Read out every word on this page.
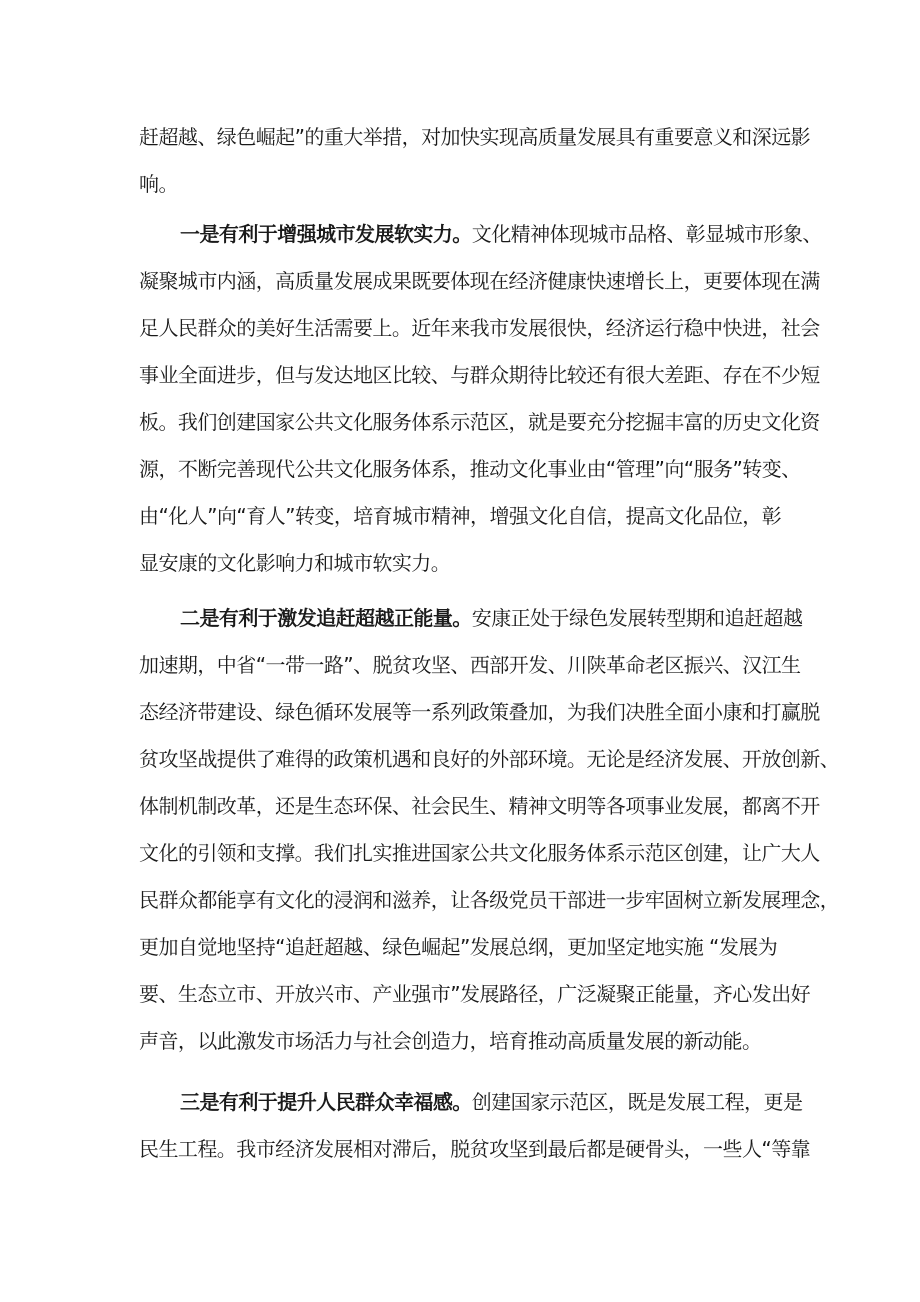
赶超越、绿色崛起”的重大举措，对加快实现高质量发展具有重要意义和深远影
响。
一是有利于增强城市发展软实力。文化精神体现城市品格、彰显城市形象、
凝聚城市内涵，高质量发展成果既要体现在经济健康快速增长上，更要体现在满
足人民群众的美好生活需要上。近年来我市发展很快，经济运行稳中快进，社会
事业全面进步，但与发达地区比较、与群众期待比较还有很大差距、存在不少短
板。我们创建国家公共文化服务体系示范区，就是要充分挖掘丰富的历史文化资
源，不断完善现代公共文化服务体系，推动文化事业由“管理”向“服务”转变、
由“化人”向“育人”转变，培育城市精神，增强文化自信，提高文化品位，彰
显安康的文化影响力和城市软实力。
二是有利于激发追赶超越正能量。安康正处于绿色发展转型期和追赶超越
加速期，中省“一带一路”、脱贫攻坚、西部开发、川陕革命老区振兴、汉江生
态经济带建设、绿色循环发展等一系列政策叠加，为我们决胜全面小康和打赢脱
贫攻坚战提供了难得的政策机遇和良好的外部环境。无论是经济发展、开放创新、
体制机制改革，还是生态环保、社会民生、精神文明等各项事业发展，都离不开
文化的引领和支撑。我们扎实推进国家公共文化服务体系示范区创建，让广大人
民群众都能享有文化的浸润和滋养，让各级党员干部进一步牢固树立新发展理念，
更加自觉地坚持“追赶超越、绿色崛起”发展总纲，更加坚定地实施 “发展为
要、生态立市、开放兴市、产业强市”发展路径，广泛凝聚正能量，齐心发出好
声音，以此激发市场活力与社会创造力，培育推动高质量发展的新动能。
三是有利于提升人民群众幸福感。创建国家示范区，既是发展工程，更是
民生工程。我市经济发展相对滞后，脱贫攻坚到最后都是硬骨头，一些人“等靠
